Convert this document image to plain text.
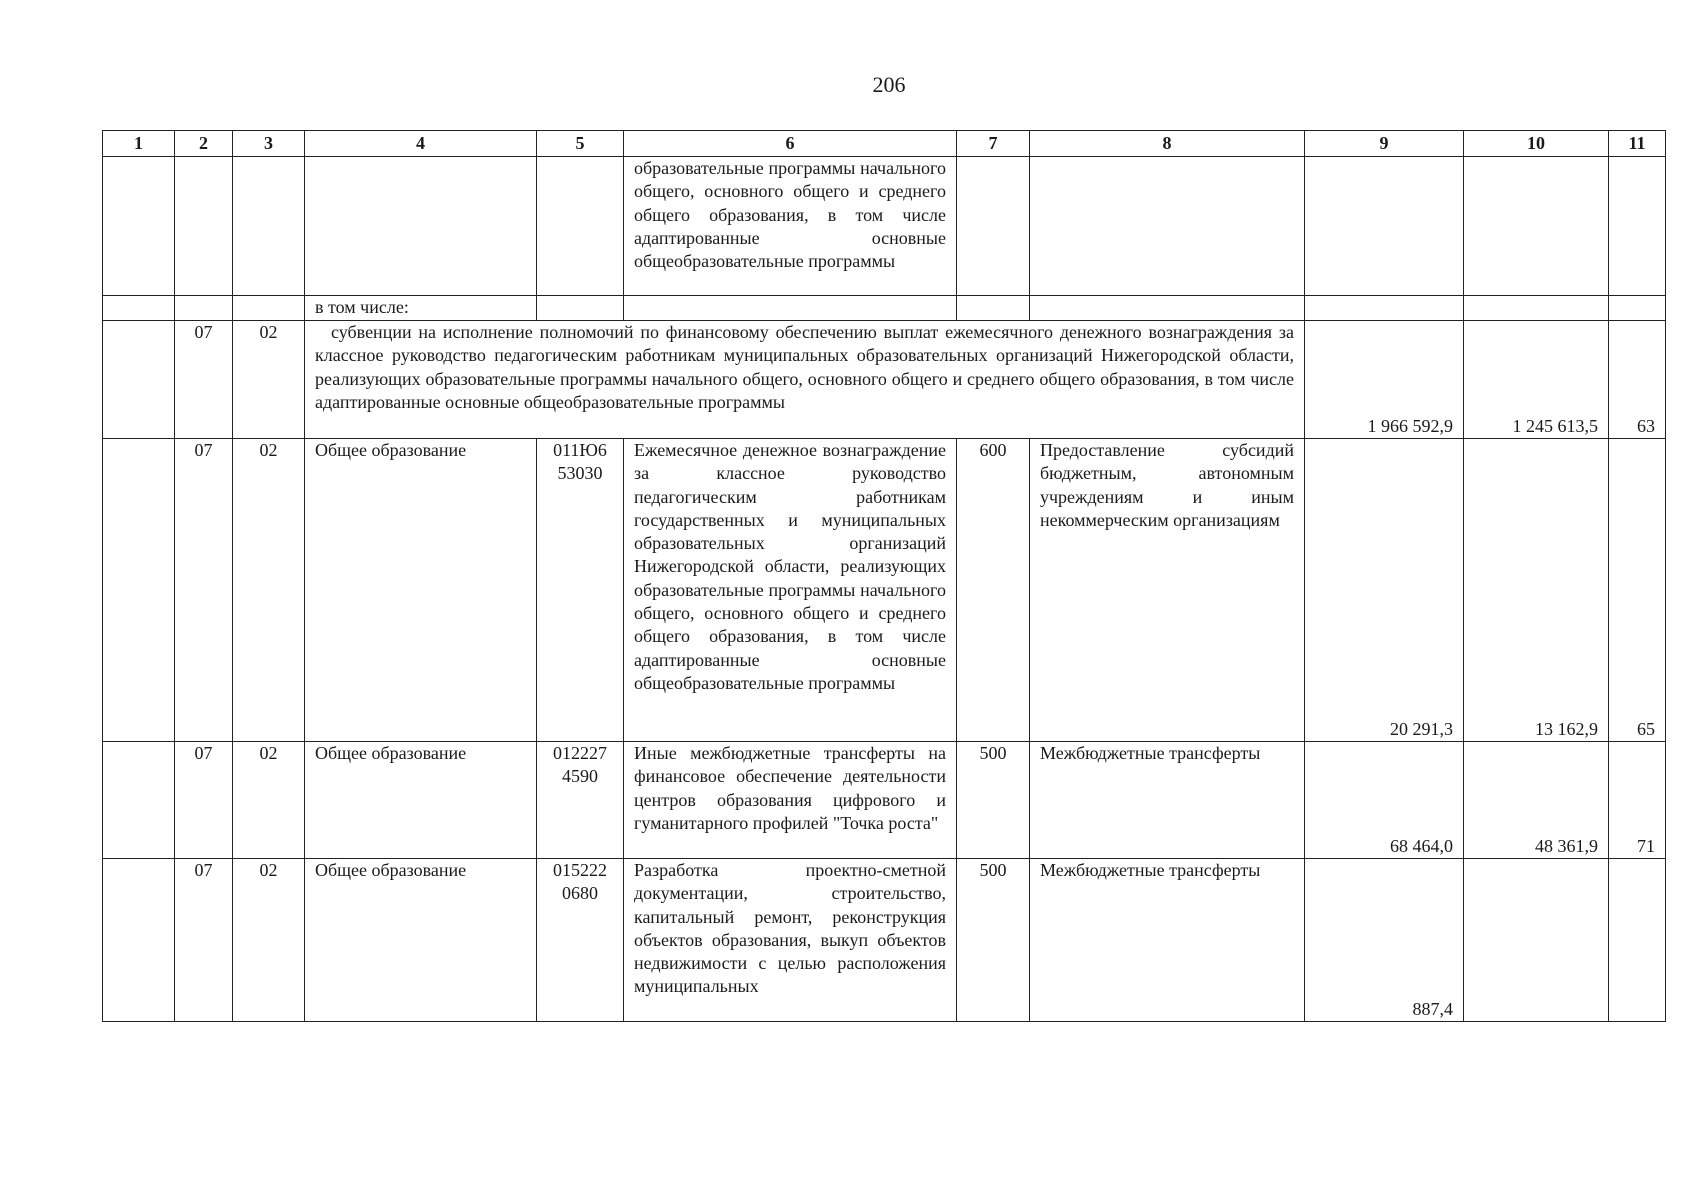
206
1	2	3	4	5	6	7	8	9	10	11
					образовательные программы начального общего, основного общего и среднего общего образования, в том числе адаптированные основные общеобразовательные программы					
			в том числе:							
	07	02	субвенции на исполнение полномочий по финансовому обеспечению выплат ежемесячного денежного вознаграждения за классное руководство педагогическим работникам муниципальных образовательных организаций Нижегородской области, реализующих образовательные программы начального общего, основного общего и среднего общего образования, в том числе адаптированные основные общеобразовательные программы					1 966 592,9	1 245 613,5	63
	07	02	Общее образование	011Ю6 53030	Ежемесячное денежное вознаграждение за классное руководство педагогическим работникам государственных и муниципальных образовательных организаций Нижегородской области, реализующих образовательные программы начального общего, основного общего и среднего общего образования, в том числе адаптированные основные общеобразовательные программы	600	Предоставление субсидий бюджетным, автономным учреждениям и иным некоммерческим организациям	20 291,3	13 162,9	65
	07	02	Общее образование	012227 4590	Иные межбюджетные трансферты на финансовое обеспечение деятельности центров образования цифрового и гуманитарного профилей "Точка роста"	500	Межбюджетные трансферты	68 464,0	48 361,9	71
	07	02	Общее образование	015222 0680	Разработка проектно-сметной документации, строительство, капитальный ремонт, реконструкция объектов образования, выкуп объектов недвижимости с целью расположения муниципальных	500	Межбюджетные трансферты	887,4		
